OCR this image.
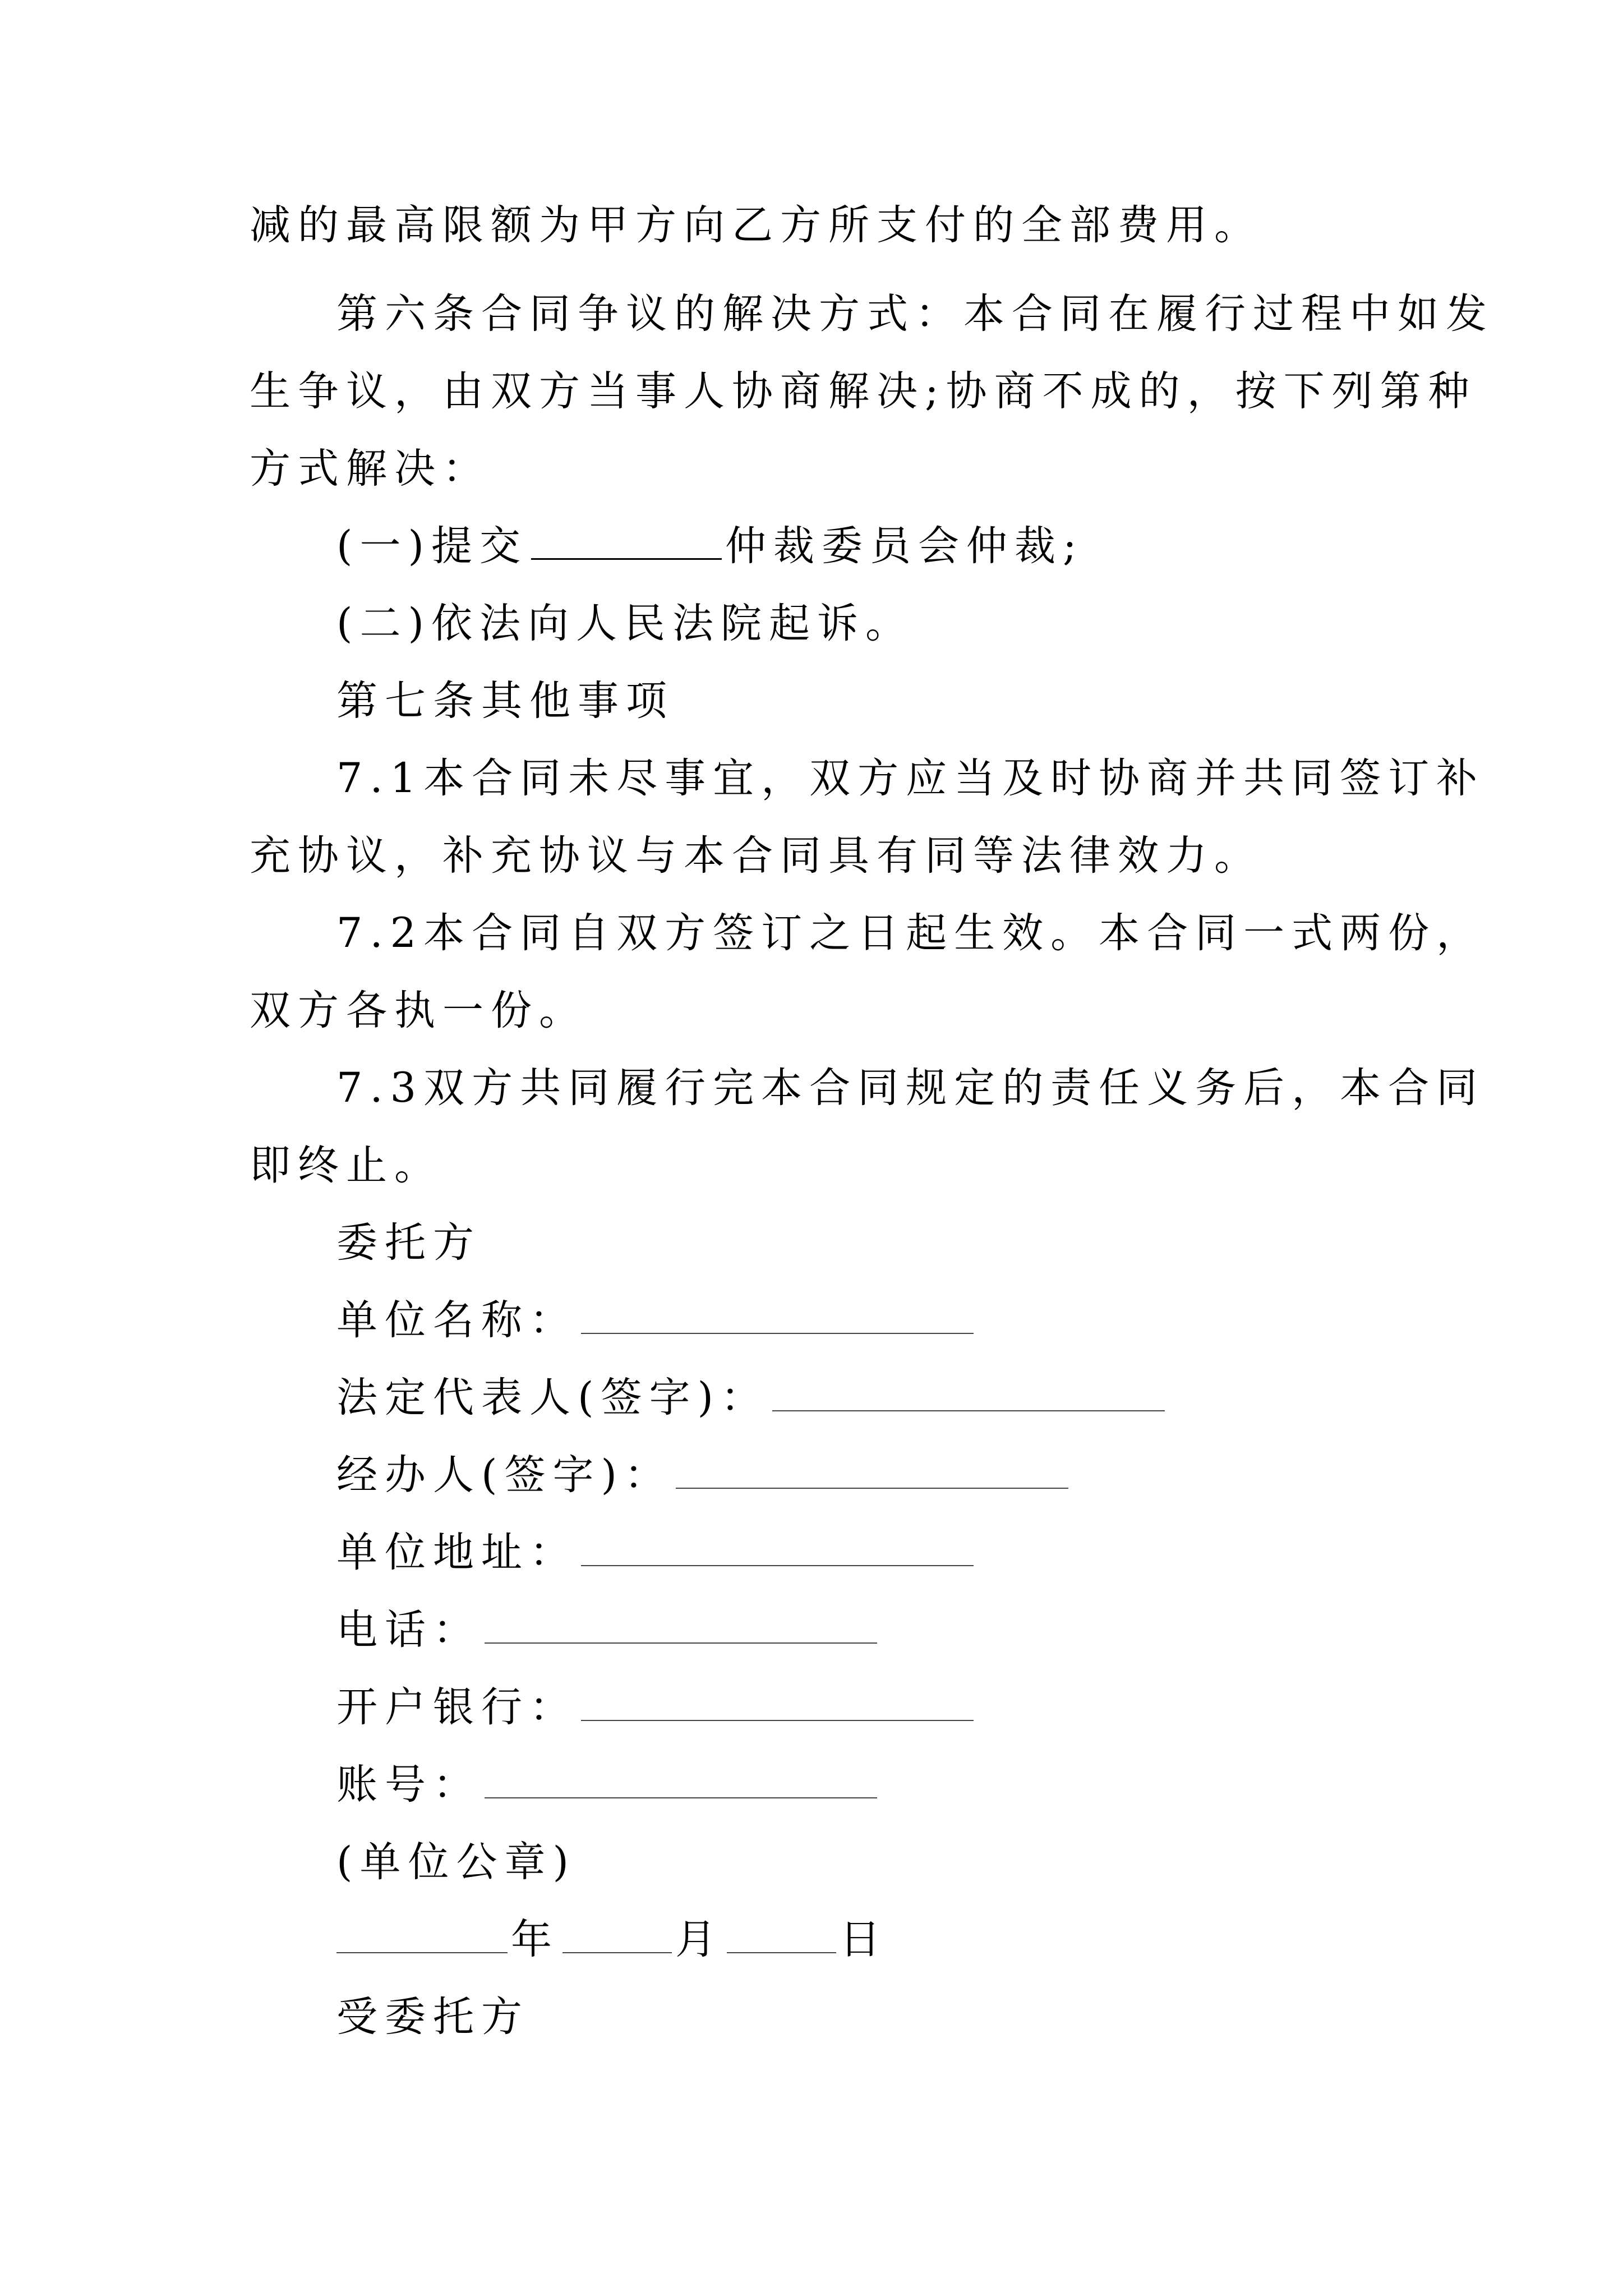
减的最高限额为甲方向乙方所支付的全部费用。
第六条合同争议的解决方式：本合同在履行过程中如发
生争议，由双方当事人协商解决;协商不成的，按下列第种
方式解决：
(一)提交	仲裁委员会仲裁;
(二)依法向人民法院起诉。
第七条其他事项
7.1本合同未尽事宜，双方应当及时协商并共同签订补
充协议，补充协议与本合同具有同等法律效力。
7.2本合同自双方签订之日起生效。本合同一式两份，
双方各执一份。
7.3双方共同履行完本合同规定的责任义务后，本合同
即终止。
委托方
单位名称：
法定代表人(签字)：
经办人(签字)：
单位地址：
电话：
开户银行：
账号：
(单位公章)
年	月	日
受委托方
